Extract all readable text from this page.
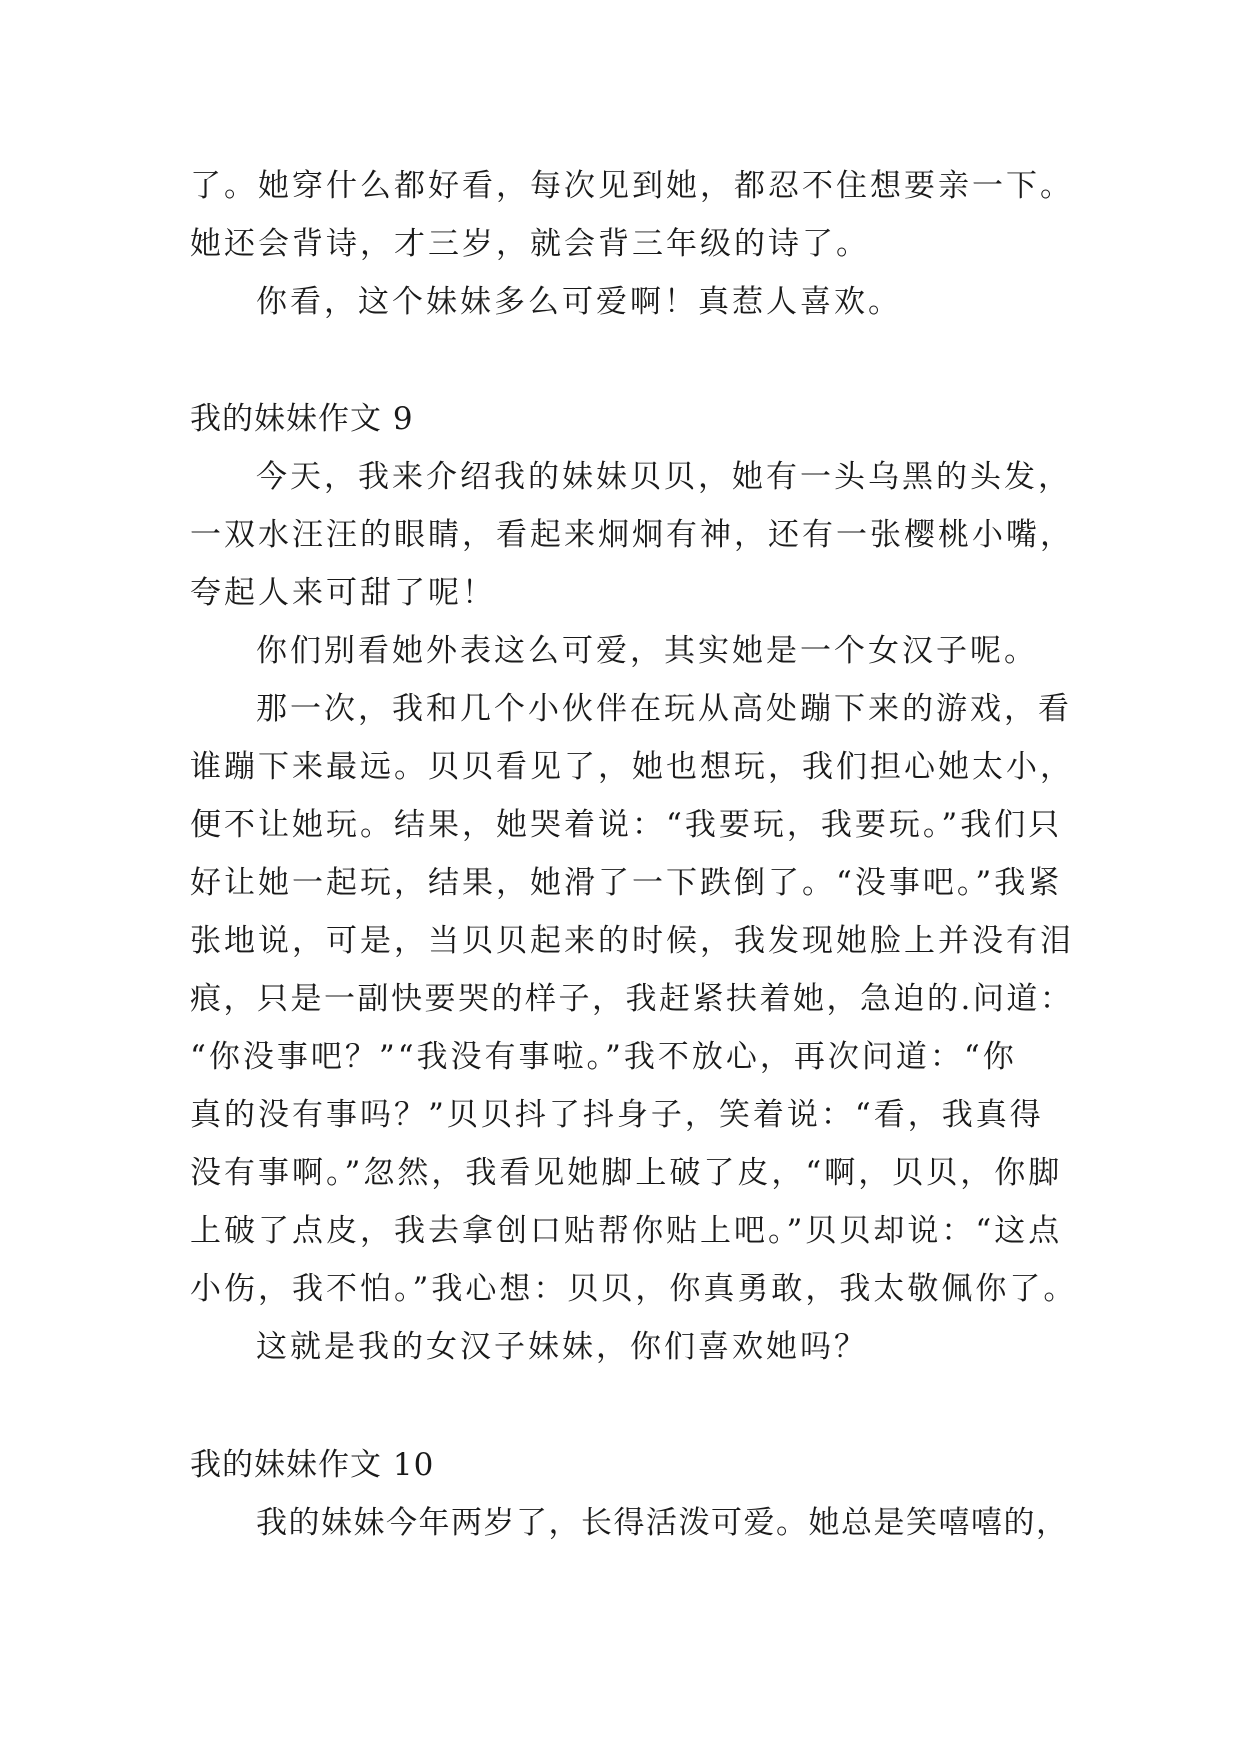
了。她穿什么都好看，每次见到她，都忍不住想要亲一下。
她还会背诗，才三岁，就会背三年级的诗了。
你看，这个妹妹多么可爱啊！真惹人喜欢。
我的妹妹作文 9
今天，我来介绍我的妹妹贝贝，她有一头乌黑的头发，
一双水汪汪的眼睛，看起来炯炯有神，还有一张樱桃小嘴，
夸起人来可甜了呢！
你们别看她外表这么可爱，其实她是一个女汉子呢。
那一次，我和几个小伙伴在玩从高处蹦下来的游戏，看
谁蹦下来最远。贝贝看见了，她也想玩，我们担心她太小，
便不让她玩。结果，她哭着说：“我要玩，我要玩。”我们只
好让她一起玩，结果，她滑了一下跌倒了。“没事吧。”我紧
张地说，可是，当贝贝起来的时候，我发现她脸上并没有泪
痕，只是一副快要哭的样子，我赶紧扶着她，急迫的.问道：
“你没事吧？”“我没有事啦。”我不放心，再次问道：“你
真的没有事吗？”贝贝抖了抖身子，笑着说：“看，我真得
没有事啊。”忽然，我看见她脚上破了皮，“啊，贝贝，你脚
上破了点皮，我去拿创口贴帮你贴上吧。”贝贝却说：“这点
小伤，我不怕。”我心想：贝贝，你真勇敢，我太敬佩你了。
这就是我的女汉子妹妹，你们喜欢她吗？
我的妹妹作文 10
我的妹妹今年两岁了，长得活泼可爱。她总是笑嘻嘻的，
